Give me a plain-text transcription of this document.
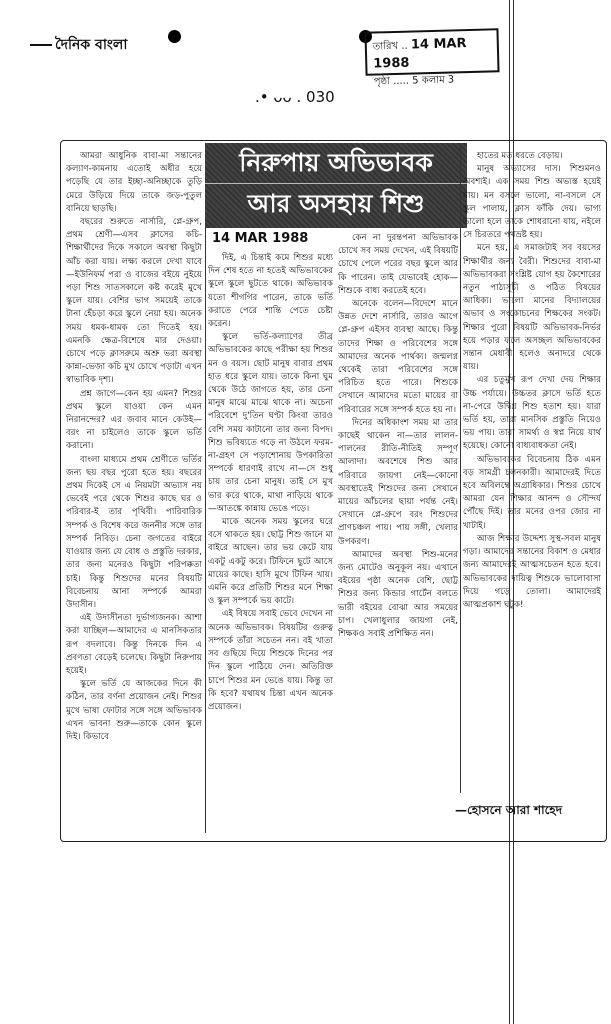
দৈনিক বাংলা	তারিখ .. 14 MAR 1988
পৃষ্ঠা ..... 5 কলাম 3
.• ᴗᴗ . 030
নিরুপায় অভিভাবক
আর অসহায় শিশু

আমরা আধুনিক বাবা-মা সন্তানের কল্যাণ-কামনায় এতোই অধীর হয়ে পড়েছি যে তার ইচ্ছা-অনিচ্ছাকে তুড়ি মেরে উড়িয়ে দিয়ে তাকে জড়-পুতুল বানিয়ে ছাড়ছি।

বছরের শুরুতে নার্সারি, প্লে-গ্রুপ, প্রথম শ্রেণী—এসব ক্লাসের কচি-শিক্ষার্থীদের দিকে সকালে অবস্থা কিছুটা আঁচ করা যায়। লক্ষ্য করলে দেখা যাবে—ইউনিফর্ম পরা ও বাজের বইয়ে নুইয়ে পড়া শিশু সাতসকালে কষ্ট করেই মুখে স্কুলে যায়। বেশির ভাগ সময়েই তাকে টানা হেঁচড়া করে স্কুলে নেয়া হয়। অনেক সময় ধমক-ধামক তো দিতেই হয়। এমনকি ক্ষেত্র-বিশেষে মার দেওয়া। চোখে পড়ে ক্লাসরুমে অশ্রু ভরা অবস্থা কান্না-ভেজা কচি মুখ চোখে পড়াটা এখন স্বাভাবিক দৃশ্য।

প্রশ্ন জাগে—কেন হয় এমন? শিশুর প্রথম স্কুলে যাওয়া কেন এমন নিরানন্দের? এর জবাব মানে কেউই—বরং না চাইলেও তাকে স্কুলে ভর্তি করানো।

বাংলা মাধ্যমে প্রথম শ্রেণীতে ভর্তির জন্য ছয় বছর পুরো হতে হয়। বছরের প্রথম দিকেই সে এ নিয়মটা অভ্যাস নয় ভেবেই পরে থেকে শিশুর কাছে ঘর ও পরিবার-ই তার পৃথিবী। পারিবারিক সম্পর্ক ও বিশেষ করে জননীর সঙ্গে তার সম্পর্ক নিবিড়। চেনা জগতের বাইরে যাওয়ার জন্য যে বোধ ও প্রস্তুতি দরকার, তার জন্য মনেরও কিছুটা পরিপক্কতা চাই। কিন্তু শিশুদের মনের বিষয়টি বিবেচনায় আনা সম্পর্কে আমরা উদাসীন।

এই উদাসীনতা দুর্ভাগ্যজনক। আশা করা যাচ্ছিল—আমাদের এ মানসিকতার রূপ বদলাবে। কিন্তু দিনকে দিন এ প্রবণতা বেড়েই চলেছে। কিছুটা নিরুপায় হয়েই।

স্কুলে ভর্তি যে আজকের দিনে কী কঠিন, তার বর্ণনা প্রয়োজন নেই। শিশুর মুখে ভাষা ফোটার সঙ্গে সঙ্গে অভিভাবক এখন ভাবনা শুরু—তাকে কোন স্কুলে দিই। কিভাবে

দিই, এ চিন্তাই কমে শিশুর মধ্যে দিন শেষ হতে না হতেই অভিভাবকের স্কুলে স্কুলে ছুটতে থাকে। অভিভাবক যতো শীগগির পারেন, তাকে ভর্তি করাতে পেরে শান্তি পেতে চেষ্টা করেন।

স্কুলে ভর্তি-কল্যাণের তীব্র অভিভাবকের কাছে পরীক্ষা হয় শিশুর মন ও বয়স। ছোট মানুষ বাবার প্রথম হাত ধরে স্কুলে যায়। তাকে কিনা ঘুম থেকে উঠে জাগতে হয়, তার চেনা মানুষ মাঝে মাঝে থাকে না। অচেনা পরিবেশে দু'তিন ঘণ্টা কিংবা তারও বেশি সময় কাটানো তার জন্য বিপদ। শিশু ভবিষ্যতে গড়ে না উঠলে ফরম-না-গ্রহণ সে পড়াশোনায় উপকারিতা সম্পর্কে ধারণাই রাখে না—সে শুধু চায় তার চেনা মানুষ। তাই সে মুখ ভার করে থাকে, মাথা নাড়িয়ে থাকে—আতঙ্কে কান্নায় ভেঙে পড়ে।

মাকে অনেক সময় স্কুলের ঘরে বসে থাকতে হয়। ছোট্ট শিশু জানে মা বাইরে আছেন। তার ভয় কেটে যায় একটু একটু করে। টিফিনে ছুটে আসে মায়ের কাছে। হাসি মুখে টিফিন খায়। এমনি করে প্রতিটি শিশুর মনে শিক্ষা ও স্কুল সম্পর্কে ভয় কাটে।

এই বিষয়ে সবাই ভেবে দেখেন না অনেক অভিভাবক। বিষয়টির গুরুত্ব সম্পর্কে তাঁরা সচেতন নন। বই খাতা সব গুছিয়ে দিয়ে শিশুকে দিনের পর দিন স্কুলে পাঠিয়ে দেন। অতিরিক্ত চাপে শিশুর মন ভেঙে যায়। কিন্তু তা কি হবে? যথাযথ চিন্তা এখন অনেক প্রয়োজন।

কেন না দুরন্তপনা অভিভাবক চোখে সব সময় দেখেন, এই বিষয়টি চোখে পেলে পরের বছর স্কুলে আর কি পারেন। তাই যেভাবেই হোক—শিশুকে বাধ্য করতেই হবে।

অনেকে বলেন—বিদেশে মানে উন্নত দেশে নার্সারি, তারও আগে প্লে-গ্রুপ এইসব ব্যবস্থা আছে। কিন্তু তাদের শিক্ষা ও পরিবেশের সঙ্গে আমাদের অনেক পার্থক্য। জন্মলগ্ন থেকেই তারা পরিবেশের সঙ্গে পরিচিত হতে পারে। শিশুকে সেখানে আমাদের মতো মায়ের বা পরিবারের সঙ্গে সম্পর্ক হতে হয় না।

দিনের অধিকাংশ সময় মা তার কাছেই থাকেন না—তার লালন-পালনের রীতি-নীতিই সম্পূর্ণ আলাদা। অবশেষে শিশু আর পরিবারে জায়গা নেই—কোনো অবস্থাতেই শিশুদের জন্য সেখানে মায়ের আঁচলের ছায়া পর্যন্ত নেই। সেখানে প্লে-গ্রুপে বরং শিশুদের প্রাণচঞ্চল পায়। পায় সঙ্গী, খেলার উপকরণ।

আমাদের অবস্থা শিশু-মনের জন্য মোটেও অনুকূল নয়। এখানে বইয়ের পৃষ্ঠা অনেক বেশি, ছোট্ট শিশুর জন্য কিন্ডার গার্টেন বলতে ভারী বইয়ের বোঝা আর সময়ের চাপ। খেলাধুলার জায়গা নেই, শিক্ষকও সবাই প্রশিক্ষিত নন।

হাতের মত ধরতে বেড়ায়।

মানুষ অভ্যাসের দাস। শিশুমনও অবশ্যই। এক সময় শিশু অভ্যস্ত হয়েই যায়। মন বসলে ভালো, না-বসলে সে স্কুল পালায়, ক্লাস ফাঁকি দেয়। ভাগ্য ভালো হলে তাকে শোধরানো যায়, নইলে সে চিরতরে পথভ্রষ্ট হয়।

মনে হয়, এ সমাজটাই সব বয়সের শিক্ষার্থীর জন্য বৈরী। শিশুদের বাবা-মা অভিভাবকরা সংশ্লিষ্ট যোগ হয় কৈশোরের নতুন পাঠ্যসূচী ও পঠিত বিষয়ের আধিক্য। ভালো মানের বিদ্যালয়ের অভাব ও সংকোচনের শিক্ষকের সংকট। শিক্ষার পুরো বিষয়টি অভিভাবক-নির্ভর হয়ে পড়ার ফলে অসচ্ছল অভিভাবকের সন্তান মেধাবী হলেও অনাদরে থেকে যায়।

এর চতুর্মুখ রূপ দেখা দেয় শিক্ষার উচ্চ পর্যায়ে। উচ্চতর ক্লাসে ভর্তি হতে না-পেরে উদ্বিগ্ন শিশু হতাশ হয়। যারা ভর্তি হয়, তারা মানসিক প্রস্তুতি নিয়েও ভয় পায়। তারা সামর্থ্য ও স্বপ্ন নিয়ে যার্থ হয়েছে। কোনো বাধ্যবাধকতা নেই।

অভিভাবকের বিবেচনায় ঠিক এমন বড় সামগ্রী চলনকারী। আমাদেরই দিতে হবে অবিলম্বে অগ্রাধিকার। শিশুর চোখে আমরা যেন শিক্ষার আনন্দ ও সৌন্দর্য পৌঁছে দিই। তার মনের ওপর জোর না খাটাই।

আজ শিক্ষার উদ্দেশ্য সুস্থ-সবল মানুষ গড়া। আমাদের সন্তানের বিকাশ ও মেধার জন্য আমাদেরই আত্মসচেতন হতে হবে। অভিভাবকের দায়িত্ব শিশুকে ভালোবাসা দিয়ে গড়ে তোলা। আমাদেরই আত্মপ্রকাশ ঘটুক!

14 MAR 1988
—হোসনে আরা শাহেদ
